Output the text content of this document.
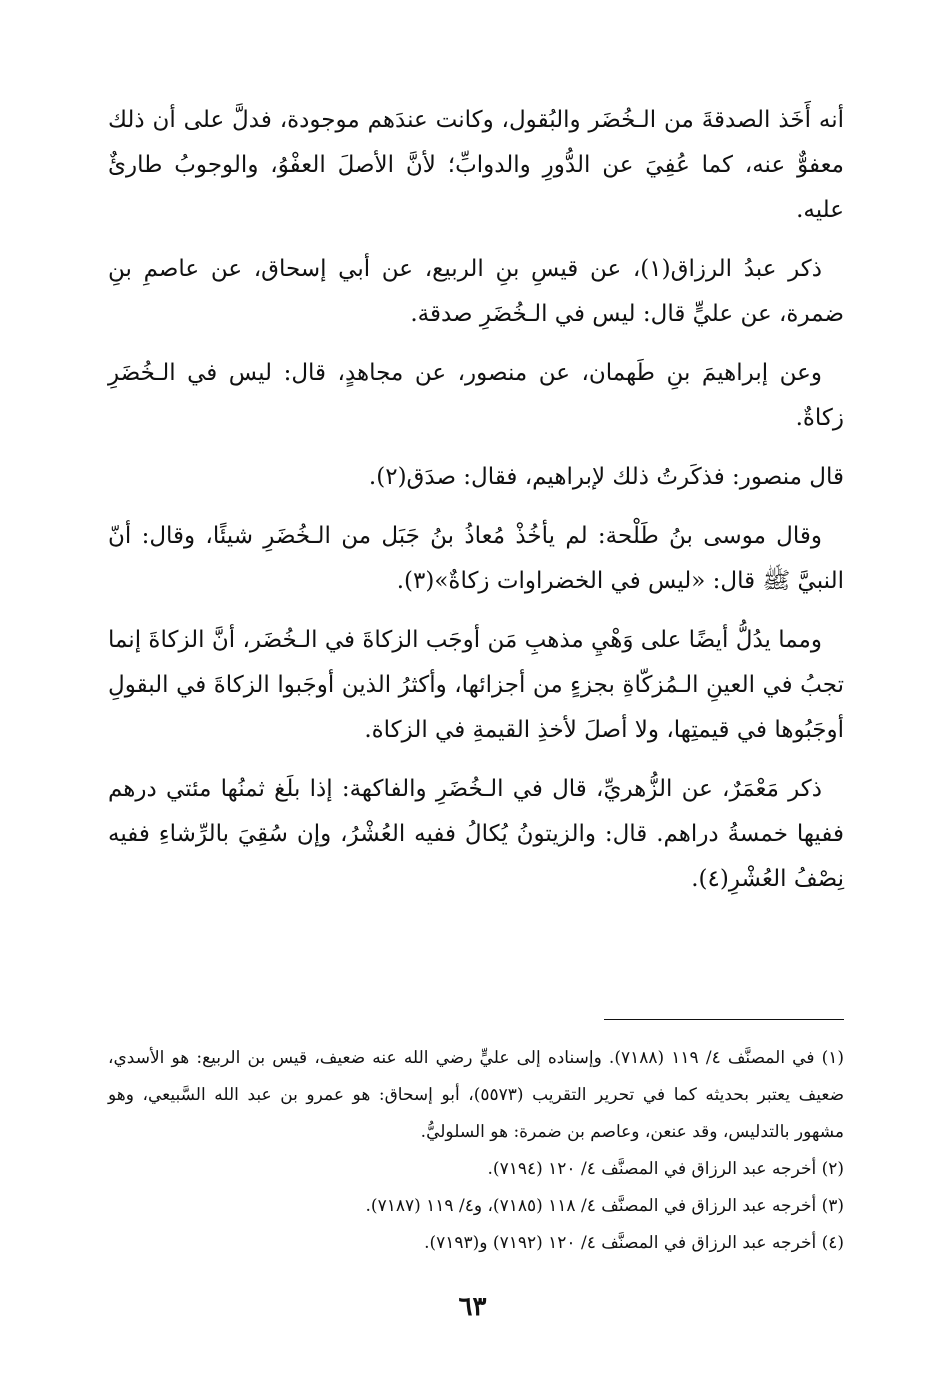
أنه أَخَذ الصدقةَ من الـخُضَر والبُقول، وكانت عندَهم موجودة، فدلَّ على أن ذلك معفوٌّ عنه، كما عُفِيَ عن الدُّورِ والدوابِّ؛ لأنَّ الأصلَ العفْوُ، والوجوبُ طارئٌ عليه.

ذكر عبدُ الرزاق(١)، عن قيسِ بنِ الربيع، عن أبي إسحاق، عن عاصمِ بنِ ضمرة، عن عليٍّ قال: ليس في الـخُضَرِ صدقة.

وعن إبراهيمَ بنِ طَهمان، عن منصور، عن مجاهدٍ، قال: ليس في الـخُضَرِ زكاةٌ.

قال منصور: فذكَرتُ ذلك لإبراهيم، فقال: صدَق(٢).

وقال موسى بنُ طَلْحة: لم يأخُذْ مُعاذُ بنُ جَبَل من الـخُضَرِ شيئًا، وقال: أنّ النبيَّ ﷺ قال: «ليس في الخضراوات زكاةٌ»(٣).

ومما يدُلُّ أيضًا على وَهْيِ مذهبِ مَن أوجَب الزكاةَ في الـخُضَر، أنَّ الزكاةَ إنما تجبُ في العينِ الـمُزكّاةِ بجزءٍ من أجزائها، وأكثرُ الذين أوجَبوا الزكاةَ في البقولِ أوجَبُوها في قيمتِها، ولا أصلَ لأخذِ القيمةِ في الزكاة.

ذكر مَعْمَرٌ، عن الزُّهريِّ، قال في الـخُضَرِ والفاكهة: إذا بلَغ ثمنُها مئتي درهم ففيها خمسةُ دراهم. قال: والزيتونُ يُكالُ ففيه العُشْرُ، وإن سُقِيَ بالرِّشاءِ ففيه نِصْفُ العُشْرِ(٤).

(١) في المصنَّف ٤/ ١١٩ (٧١٨٨). وإسناده إلى عليٍّ رضي الله عنه ضعيف، قيس بن الربيع: هو الأسدي، ضعيف يعتبر بحديثه كما في تحرير التقريب (٥٥٧٣)، أبو إسحاق: هو عمرو بن عبد الله السَّبيعي، وهو مشهور بالتدليس، وقد عنعن، وعاصم بن ضمرة: هو السلوليُّ.

(٢) أخرجه عبد الرزاق في المصنَّف ٤/ ١٢٠ (٧١٩٤).

(٣) أخرجه عبد الرزاق في المصنَّف ٤/ ١١٨ (٧١٨٥)، و٤/ ١١٩ (٧١٨٧).

(٤) أخرجه عبد الرزاق في المصنَّف ٤/ ١٢٠ (٧١٩٢) و(٧١٩٣).

٦٣
